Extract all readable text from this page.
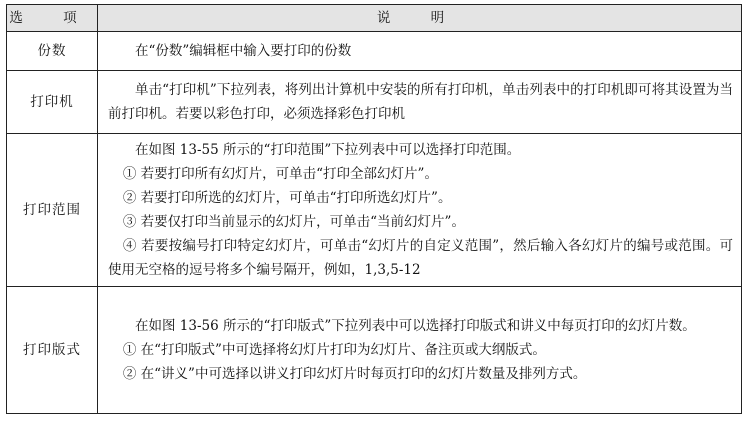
选 项	说 明
份数	在“份数”编辑框中输入要打印的份数

打印机	单击“打印机”下拉列表，将列出计算机中安装的所有打印机，单击列表中的打印机即可将其设置为当前打印机。若要以彩色打印，必须选择彩色打印机

打印范围	在如图 13-55 所示的“打印范围”下拉列表中可以选择打印范围。

① 若要打印所有幻灯片，可单击“打印全部幻灯片”。

② 若要打印所选的幻灯片，可单击“打印所选幻灯片”。

③ 若要仅打印当前显示的幻灯片，可单击“当前幻灯片”。

④ 若要按编号打印特定幻灯片，可单击“幻灯片的自定义范围”，然后输入各幻灯片的编号或范围。可使用无空格的逗号将多个编号隔开，例如，1,3,5-12

打印版式	在如图 13-56 所示的“打印版式”下拉列表中可以选择打印版式和讲义中每页打印的幻灯片数。

① 在“打印版式”中可选择将幻灯片打印为幻灯片、备注页或大纲版式。

② 在“讲义”中可选择以讲义打印幻灯片时每页打印的幻灯片数量及排列方式。
